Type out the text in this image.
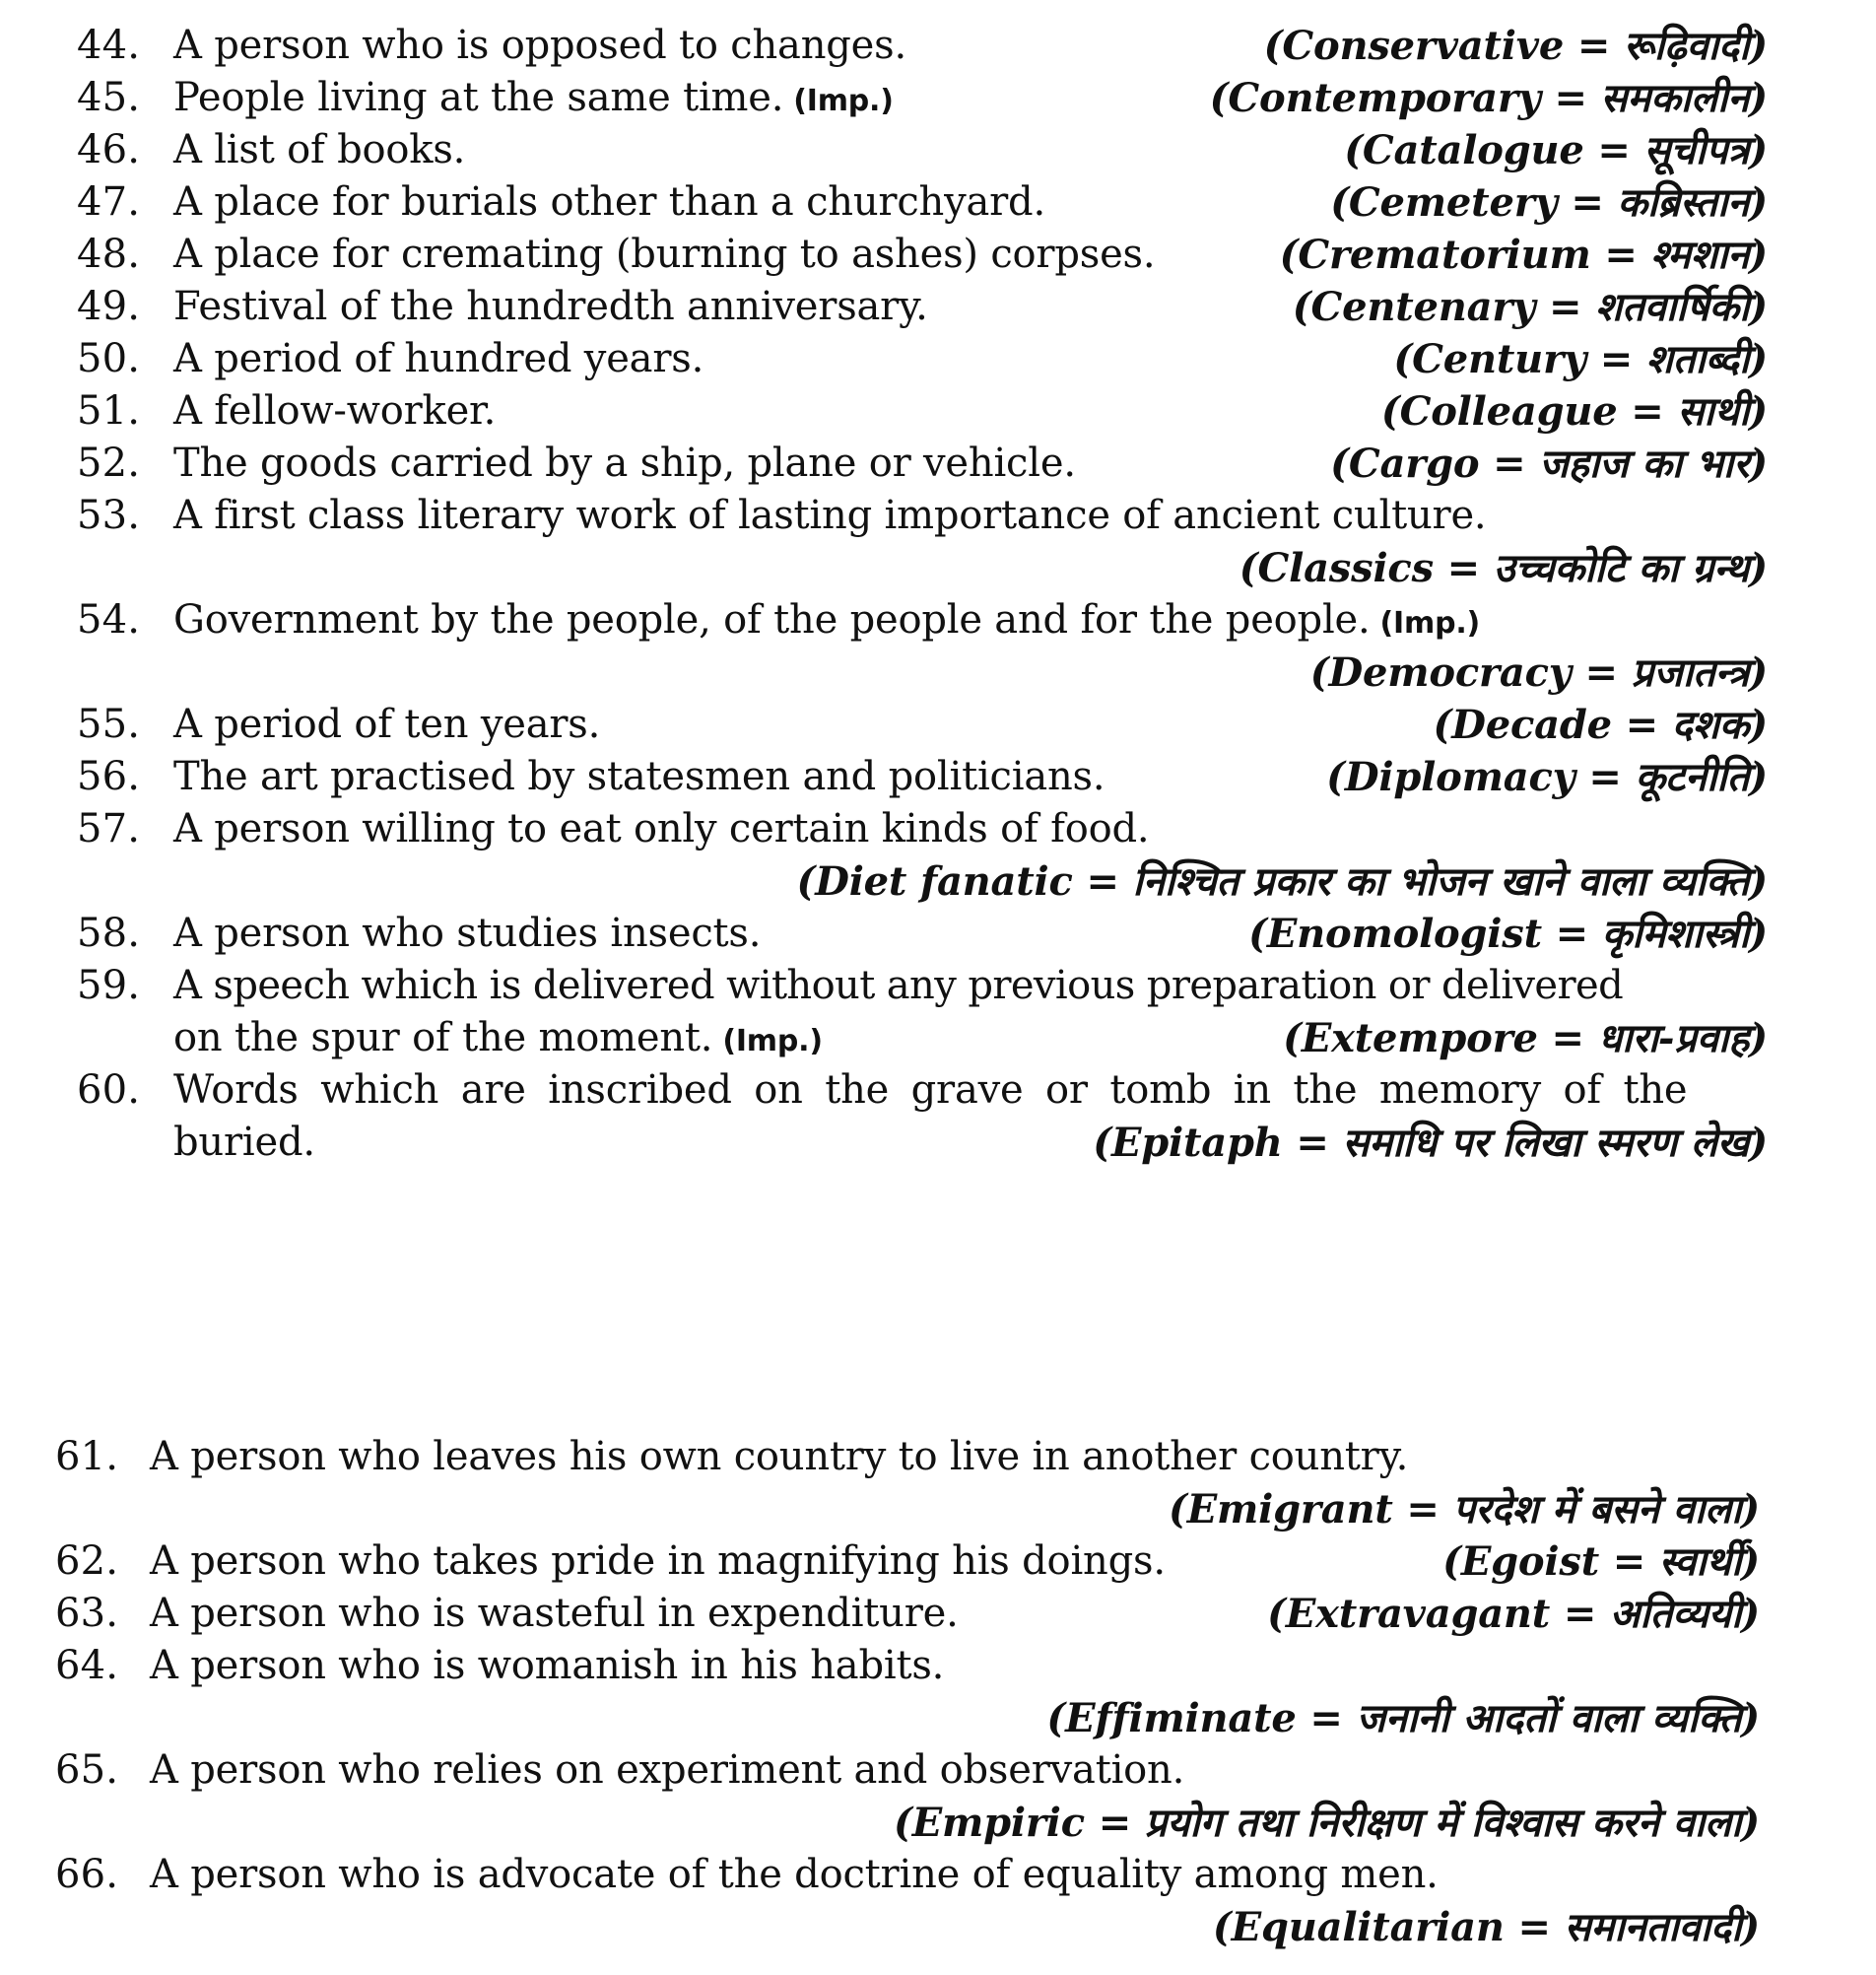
44. A person who is opposed to changes.	(Conservative = रूढ़िवादी)
45. People living at the same time. (Imp.)	(Contemporary = समकालीन)
46. A list of books.	(Catalogue = सूचीपत्र)
47. A place for burials other than a churchyard.	(Cemetery = कब्रिस्तान)
48. A place for cremating (burning to ashes) corpses.	(Crematorium = श्मशान)
49. Festival of the hundredth anniversary.	(Centenary = शतवार्षिकी)
50. A period of hundred years.	(Century = शताब्दी)
51. A fellow-worker.	(Colleague = साथी)
52. The goods carried by a ship, plane or vehicle.	(Cargo = जहाज का भार)
53. A first class literary work of lasting importance of ancient culture.
(Classics = उच्चकोटि का ग्रन्थ)
54. Government by the people, of the people and for the people. (Imp.)
(Democracy = प्रजातन्त्र)
55. A period of ten years.	(Decade = दशक)
56. The art practised by statesmen and politicians.	(Diplomacy = कूटनीति)
57. A person willing to eat only certain kinds of food.
(Diet fanatic = निश्चित प्रकार का भोजन खाने वाला व्यक्ति)
58. A person who studies insects.	(Enomologist = कृमिशास्त्री)
59. A speech which is delivered without any previous preparation or delivered
on the spur of the moment. (Imp.)	(Extempore = धारा-प्रवाह)
60. Words which are inscribed on the grave or tomb in the memory of the
buried.	(Epitaph = समाधि पर लिखा स्मरण लेख)
61. A person who leaves his own country to live in another country.
(Emigrant = परदेश में बसने वाला)
62. A person who takes pride in magnifying his doings.	(Egoist = स्वार्थी)
63. A person who is wasteful in expenditure.	(Extravagant = अतिव्ययी)
64. A person who is womanish in his habits.
(Effiminate = जनानी आदतों वाला व्यक्ति)
65. A person who relies on experiment and observation.
(Empiric = प्रयोग तथा निरीक्षण में विश्वास करने वाला)
66. A person who is advocate of the doctrine of equality among men.
(Equalitarian = समानतावादी)
